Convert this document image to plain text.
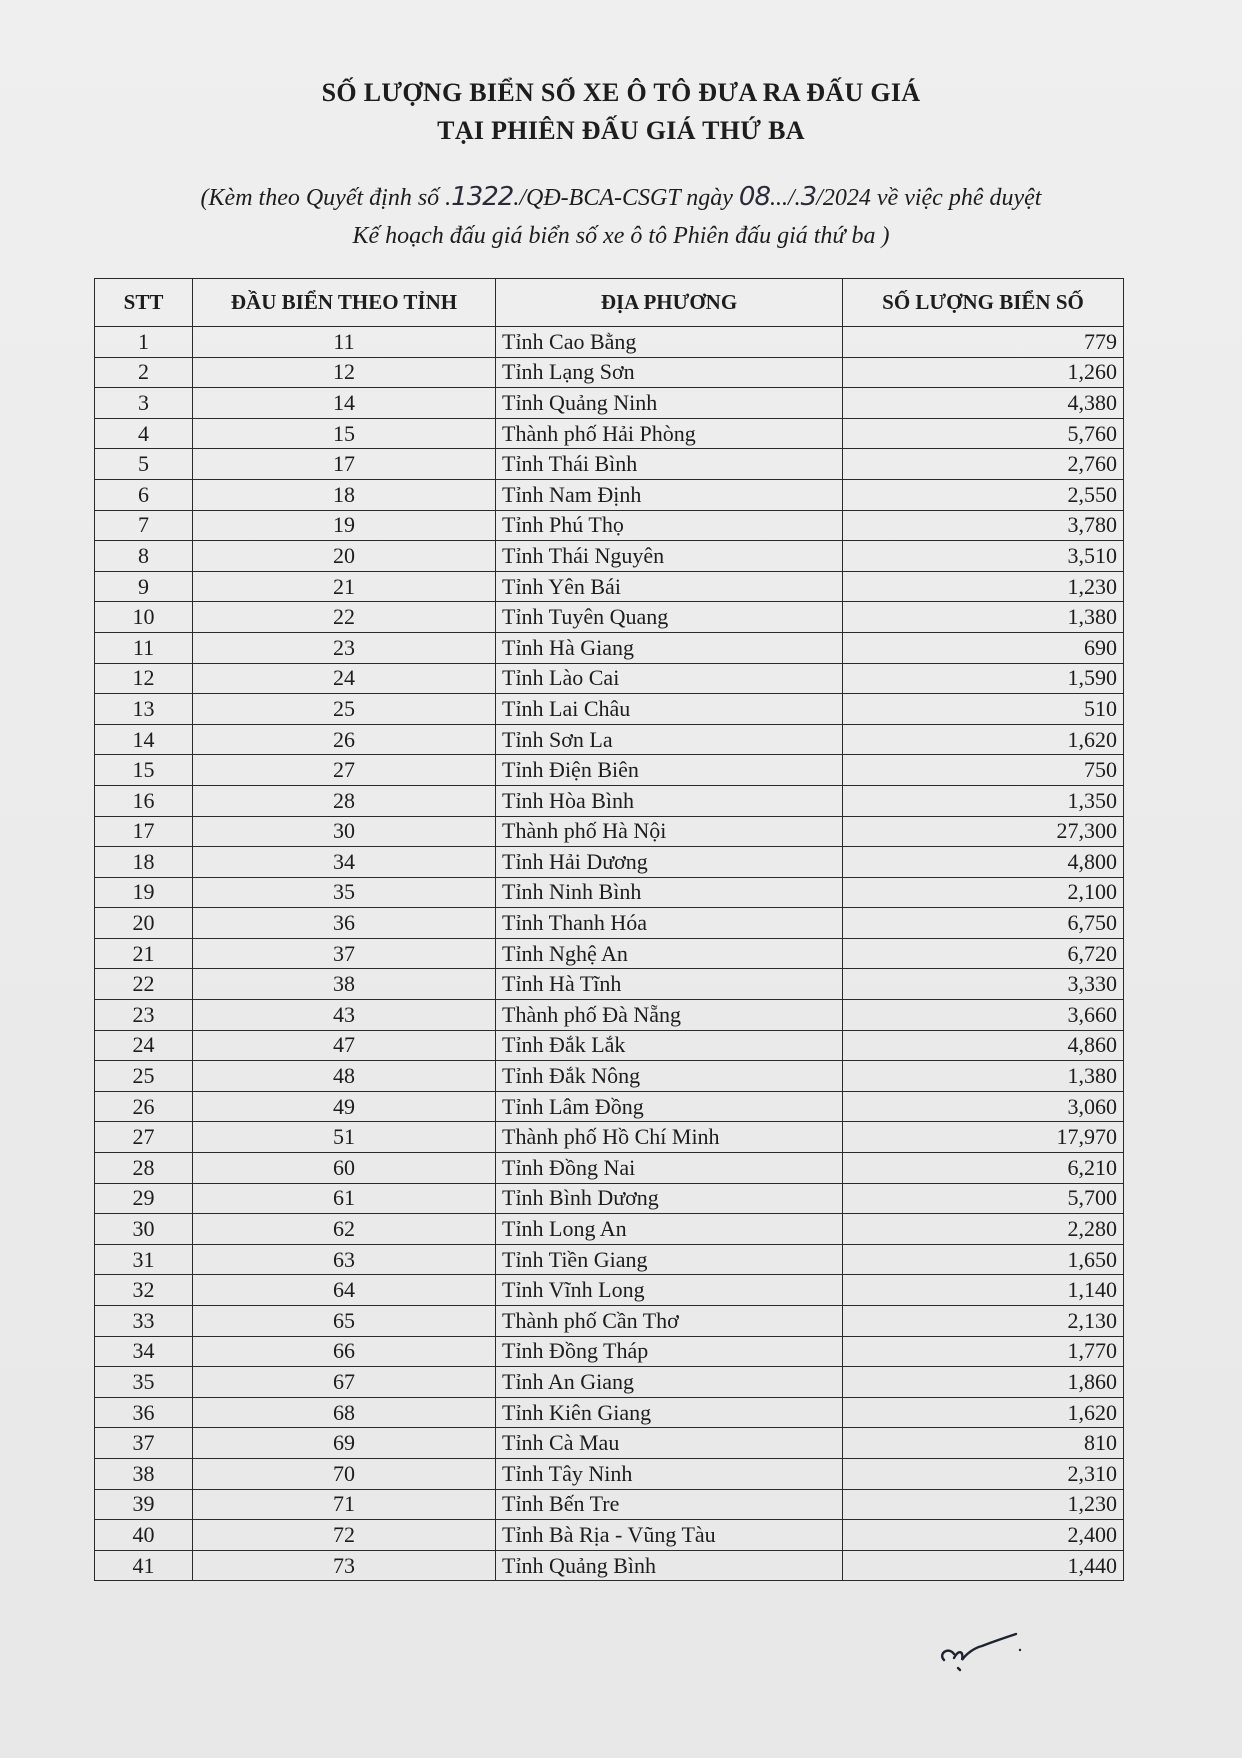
SỐ LƯỢNG BIỂN SỐ XE Ô TÔ ĐƯA RA ĐẤU GIÁ
TẠI PHIÊN ĐẤU GIÁ THỨ BA
(Kèm theo Quyết định số .1322./QĐ-BCA-CSGT ngày 08.../.3/2024 về việc phê duyệt
Kế hoạch đấu giá biển số xe ô tô Phiên đấu giá thứ ba )
STT	ĐẦU BIỂN THEO TỈNH	ĐỊA PHƯƠNG	SỐ LƯỢNG BIỂN SỐ
1	11	Tỉnh Cao Bằng	779
2	12	Tỉnh Lạng Sơn	1,260
3	14	Tỉnh Quảng Ninh	4,380
4	15	Thành phố Hải Phòng	5,760
5	17	Tỉnh Thái Bình	2,760
6	18	Tỉnh Nam Định	2,550
7	19	Tỉnh Phú Thọ	3,780
8	20	Tỉnh Thái Nguyên	3,510
9	21	Tỉnh Yên Bái	1,230
10	22	Tỉnh Tuyên Quang	1,380
11	23	Tỉnh Hà Giang	690
12	24	Tỉnh Lào Cai	1,590
13	25	Tỉnh Lai Châu	510
14	26	Tỉnh Sơn La	1,620
15	27	Tỉnh Điện Biên	750
16	28	Tỉnh Hòa Bình	1,350
17	30	Thành phố Hà Nội	27,300
18	34	Tỉnh Hải Dương	4,800
19	35	Tỉnh Ninh Bình	2,100
20	36	Tỉnh Thanh Hóa	6,750
21	37	Tỉnh Nghệ An	6,720
22	38	Tỉnh Hà Tĩnh	3,330
23	43	Thành phố Đà Nẵng	3,660
24	47	Tỉnh Đắk Lắk	4,860
25	48	Tỉnh Đắk Nông	1,380
26	49	Tỉnh Lâm Đồng	3,060
27	51	Thành phố Hồ Chí Minh	17,970
28	60	Tỉnh Đồng Nai	6,210
29	61	Tỉnh Bình Dương	5,700
30	62	Tỉnh Long An	2,280
31	63	Tỉnh Tiền Giang	1,650
32	64	Tỉnh Vĩnh Long	1,140
33	65	Thành phố Cần Thơ	2,130
34	66	Tỉnh Đồng Tháp	1,770
35	67	Tỉnh An Giang	1,860
36	68	Tỉnh Kiên Giang	1,620
37	69	Tỉnh Cà Mau	810
38	70	Tỉnh Tây Ninh	2,310
39	71	Tỉnh Bến Tre	1,230
40	72	Tỉnh Bà Rịa - Vũng Tàu	2,400
41	73	Tỉnh Quảng Bình	1,440
